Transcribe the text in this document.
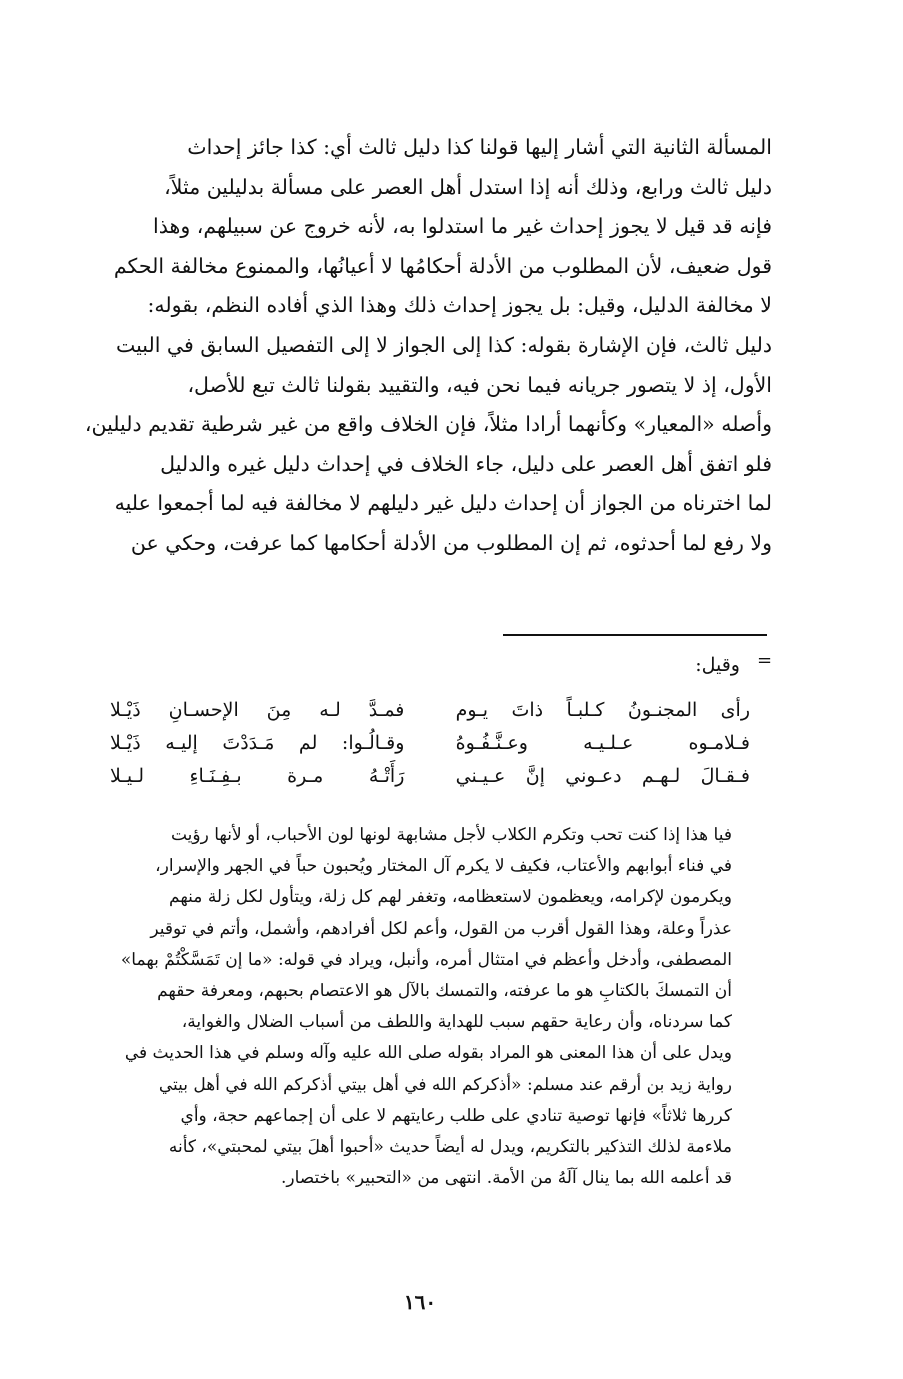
المسألة الثانية التي أشار إليها قولنا كذا دليل ثالث أي: كذا جائز إحداث
دليل ثالث ورابع، وذلك أنه إذا استدل أهل العصر على مسألة بدليلين مثلاً،
فإنه قد قيل لا يجوز إحداث غير ما استدلوا به، لأنه خروج عن سبيلهم، وهذا
قول ضعيف، لأن المطلوب من الأدلة أحكامُها لا أعيانُها، والممنوع مخالفة الحكم
لا مخالفة الدليل، وقيل: بل يجوز إحداث ذلك وهذا الذي أفاده النظم، بقوله:
دليل ثالث، فإن الإشارة بقوله: كذا إلى الجواز لا إلى التفصيل السابق في البيت
الأول، إذ لا يتصور جريانه فيما نحن فيه، والتقييد بقولنا ثالث تبع للأصل،
وأصله «المعيار» وكأنهما أرادا مثلاً، فإن الخلاف واقع من غير شرطية تقديم دليلين،
فلو اتفق أهل العصر على دليل، جاء الخلاف في إحداث دليل غيره والدليل
لما اخترناه من الجواز أن إحداث دليل غير دليلهم لا مخالفة فيه لما أجمعوا عليه
ولا رفع لما أحدثوه، ثم إن المطلوب من الأدلة أحكامها كما عرفت، وحكي عن
=
وقيل:
رأى المجنـونُ كـلبـاً ذاتَ يـوم
فمـدَّ لـه مِنَ الإحسـانِ ذَيْـلا
فـلامـوه عـلـيـه وعـنَّـفُـوهُ
وقـالُـوا: لم مَـدَدْتَ إليـه ذَيْـلا
فـقـالَ لـهـم دعـوني إنَّ عـيـني
رَأَتْـهُ مـرة بـفِـنَـاءِ لـيـلا
فيا هذا إذا كنت تحب وتكرم الكلاب لأجل مشابهة لونها لون الأحباب، أو لأنها رؤيت
في فناء أبوابهم والأعتاب، فكيف لا يكرم آل المختار ويُحبون حباً في الجهر والإسرار،
ويكرمون لإكرامه، ويعظمون لاستعظامه، وتغفر لهم كل زلة، ويتأول لكل زلة منهم
عذراً وعلة، وهذا القول أقرب من القول، وأعم لكل أفرادهم، وأشمل، وأتم في توقير
المصطفى، وأدخل وأعظم في امتثال أمره، وأنبل، ويراد في قوله: «ما إن تَمَسَّكْتُمْ بهما»
أن التمسكَ بالكتابِ هو ما عرفته، والتمسك بالآل هو الاعتصام بحبهم، ومعرفة حقهم
كما سردناه، وأن رعاية حقهم سبب للهداية واللطف من أسباب الضلال والغواية،
ويدل على أن هذا المعنى هو المراد بقوله صلى الله عليه وآله وسلم في هذا الحديث في
رواية زيد بن أرقم عند مسلم: «أذكركم الله في أهل بيتي أذكركم الله في أهل بيتي
كررها ثلاثاً» فإنها توصية تنادي على طلب رعايتهم لا على أن إجماعهم حجة، وأي
ملاءمة لذلك التذكير بالتكريم، ويدل له أيضاً حديث «أحبوا أهلَ بيتي لمحبتي»، كأنه
قد أعلمه الله بما ينال آلَهُ من الأمة. انتهى من «التحبير» باختصار.
١٦٠
